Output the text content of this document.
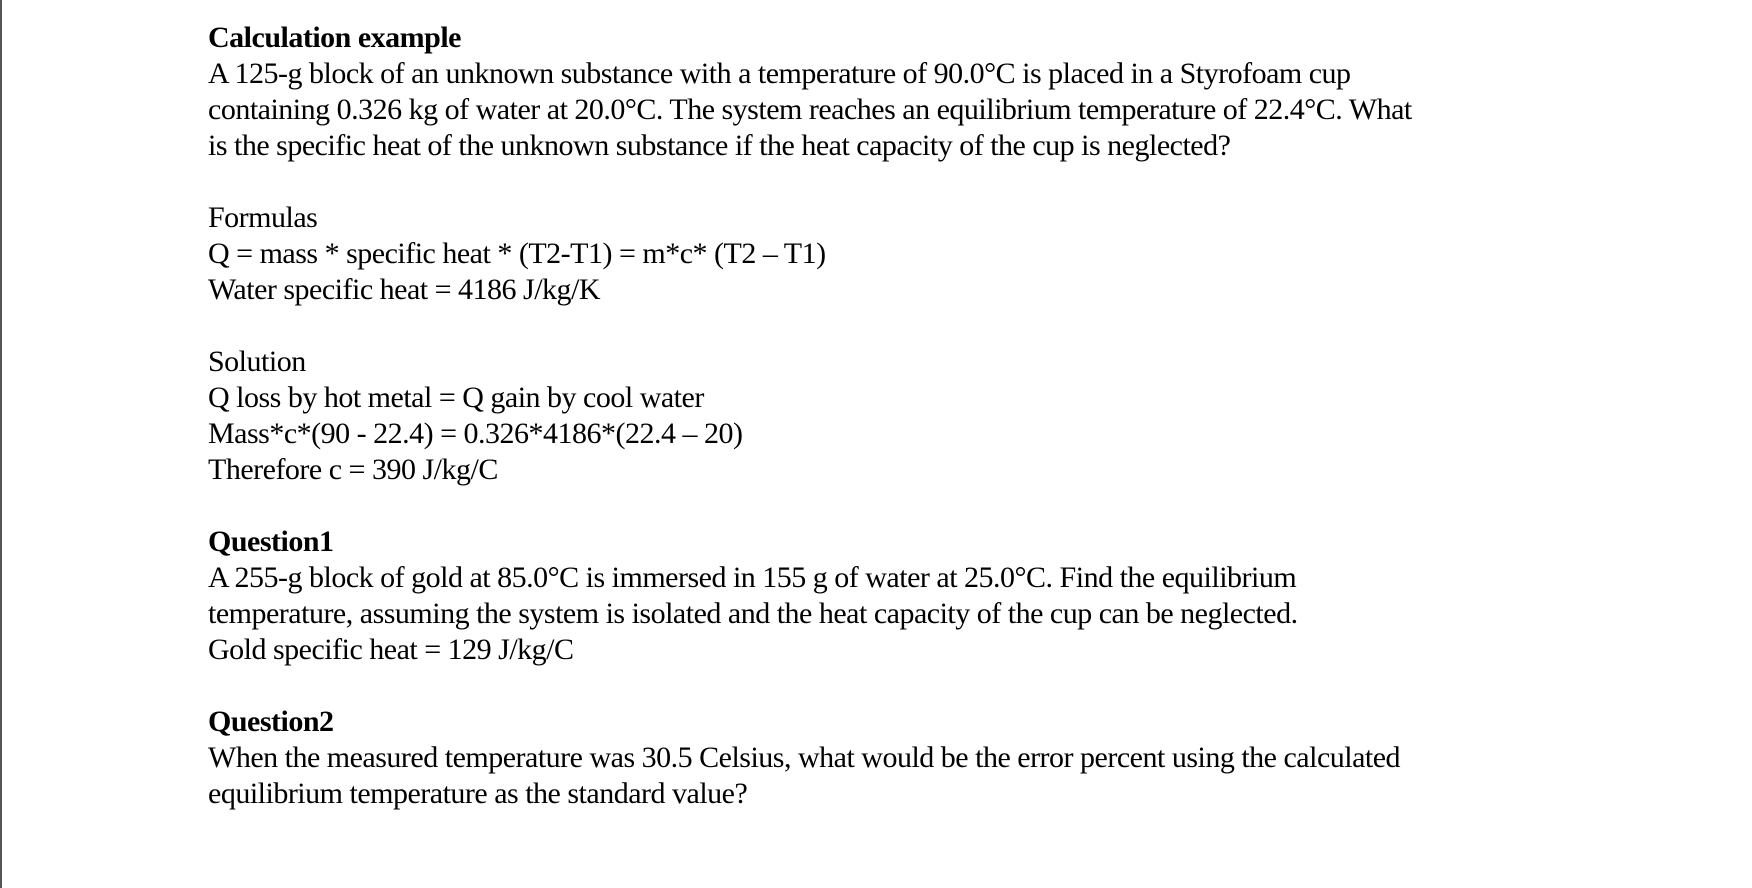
Calculation example
A 125-g block of an unknown substance with a temperature of 90.0°C is placed in a Styrofoam cup
containing 0.326 kg of water at 20.0°C. The system reaches an equilibrium temperature of 22.4°C. What
is the specific heat of the unknown substance if the heat capacity of the cup is neglected?
Formulas
Q = mass * specific heat * (T2-T1) = m*c* (T2 – T1)
Water specific heat = 4186 J/kg/K
Solution
Q loss by hot metal = Q gain by cool water
Mass*c*(90 - 22.4) = 0.326*4186*(22.4 – 20)
Therefore c = 390 J/kg/C
Question1
A 255-g block of gold at 85.0°C is immersed in 155 g of water at 25.0°C. Find the equilibrium
temperature, assuming the system is isolated and the heat capacity of the cup can be neglected.
Gold specific heat = 129 J/kg/C
Question2
When the measured temperature was 30.5 Celsius, what would be the error percent using the calculated
equilibrium temperature as the standard value?
